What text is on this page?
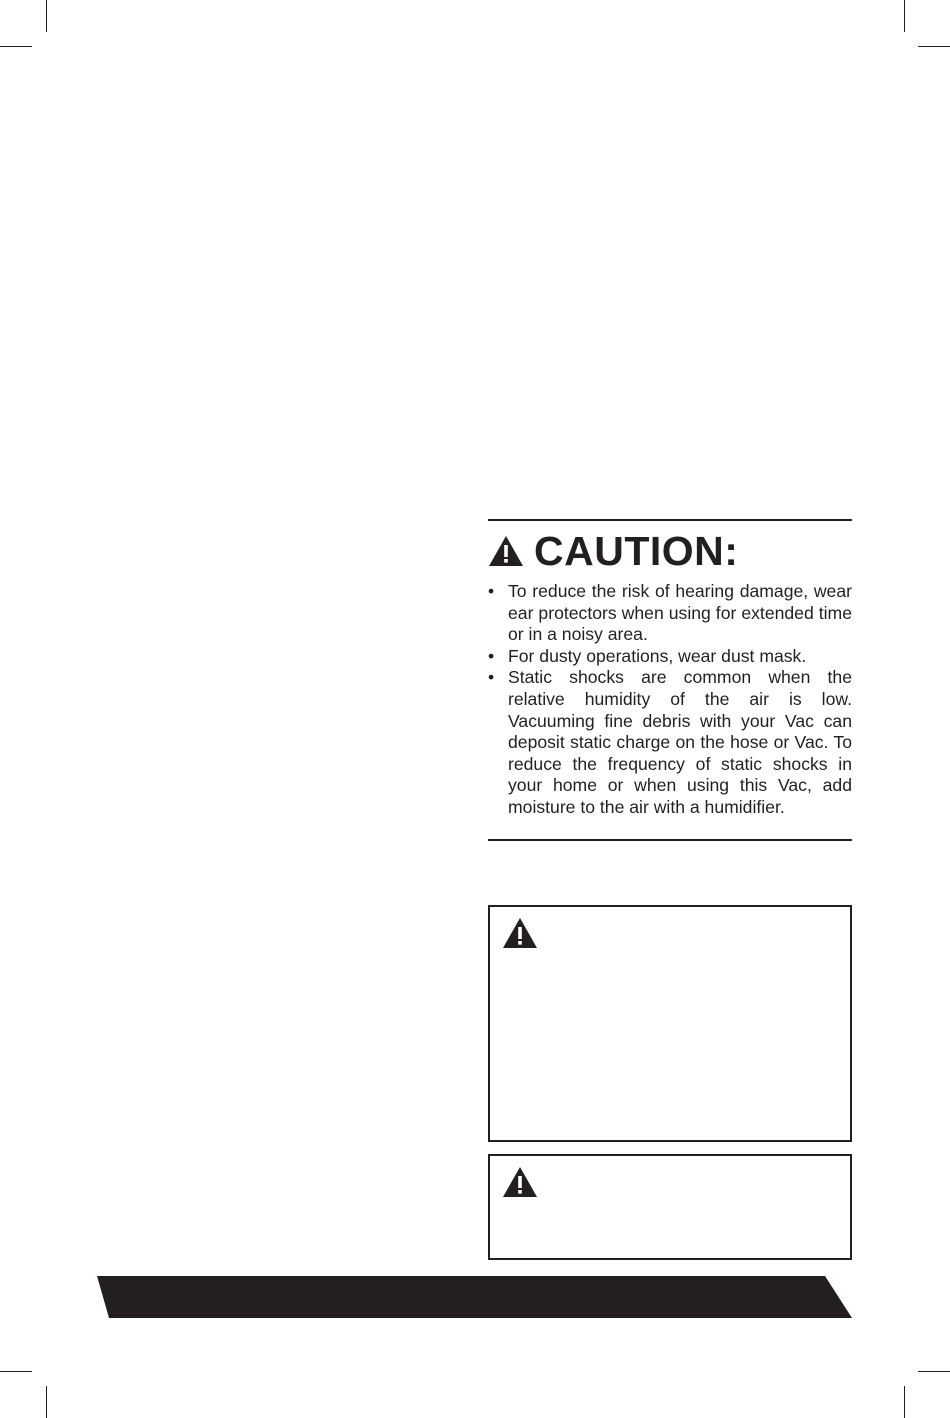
CAUTION:
• To reduce the risk of hearing damage, wear ear protectors when using for extended time or in a noisy area.
• For dusty operations, wear dust mask.
• Static shocks are common when the relative humidity of the air is low. Vacuuming fine debris with your Vac can deposit static charge on the hose or Vac. To reduce the frequency of static shocks in your home or when using this Vac, add moisture to the air with a humidifier.
